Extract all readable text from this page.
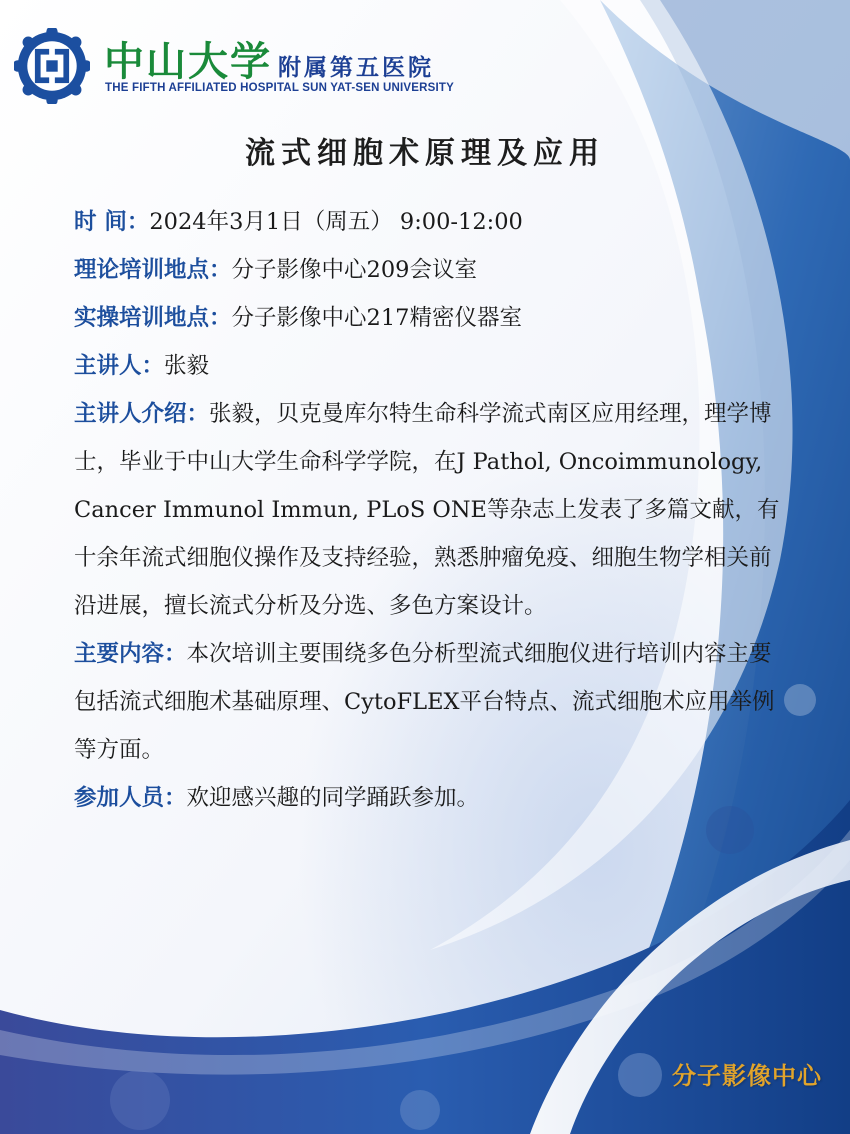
中山大学 附属第五医院
THE FIFTH AFFILIATED HOSPITAL SUN YAT-SEN UNIVERSITY
流式细胞术原理及应用

时 间：2024年3月1日（周五） 9:00-12:00

理论培训地点：分子影像中心209会议室

实操培训地点：分子影像中心217精密仪器室

主讲人：张毅

主讲人介绍：张毅，贝克曼库尔特生命科学流式南区应用经理，理学博士，毕业于中山大学生命科学学院，在J Pathol, Oncoimmunology, Cancer Immunol Immun, PLoS ONE等杂志上发表了多篇文献，有十余年流式细胞仪操作及支持经验，熟悉肿瘤免疫、细胞生物学相关前沿进展，擅长流式分析及分选、多色方案设计。

主要内容：本次培训主要围绕多色分析型流式细胞仪进行培训内容主要包括流式细胞术基础原理、CytoFLEX平台特点、流式细胞术应用举例等方面。

参加人员：欢迎感兴趣的同学踊跃参加。

分子影像中心
